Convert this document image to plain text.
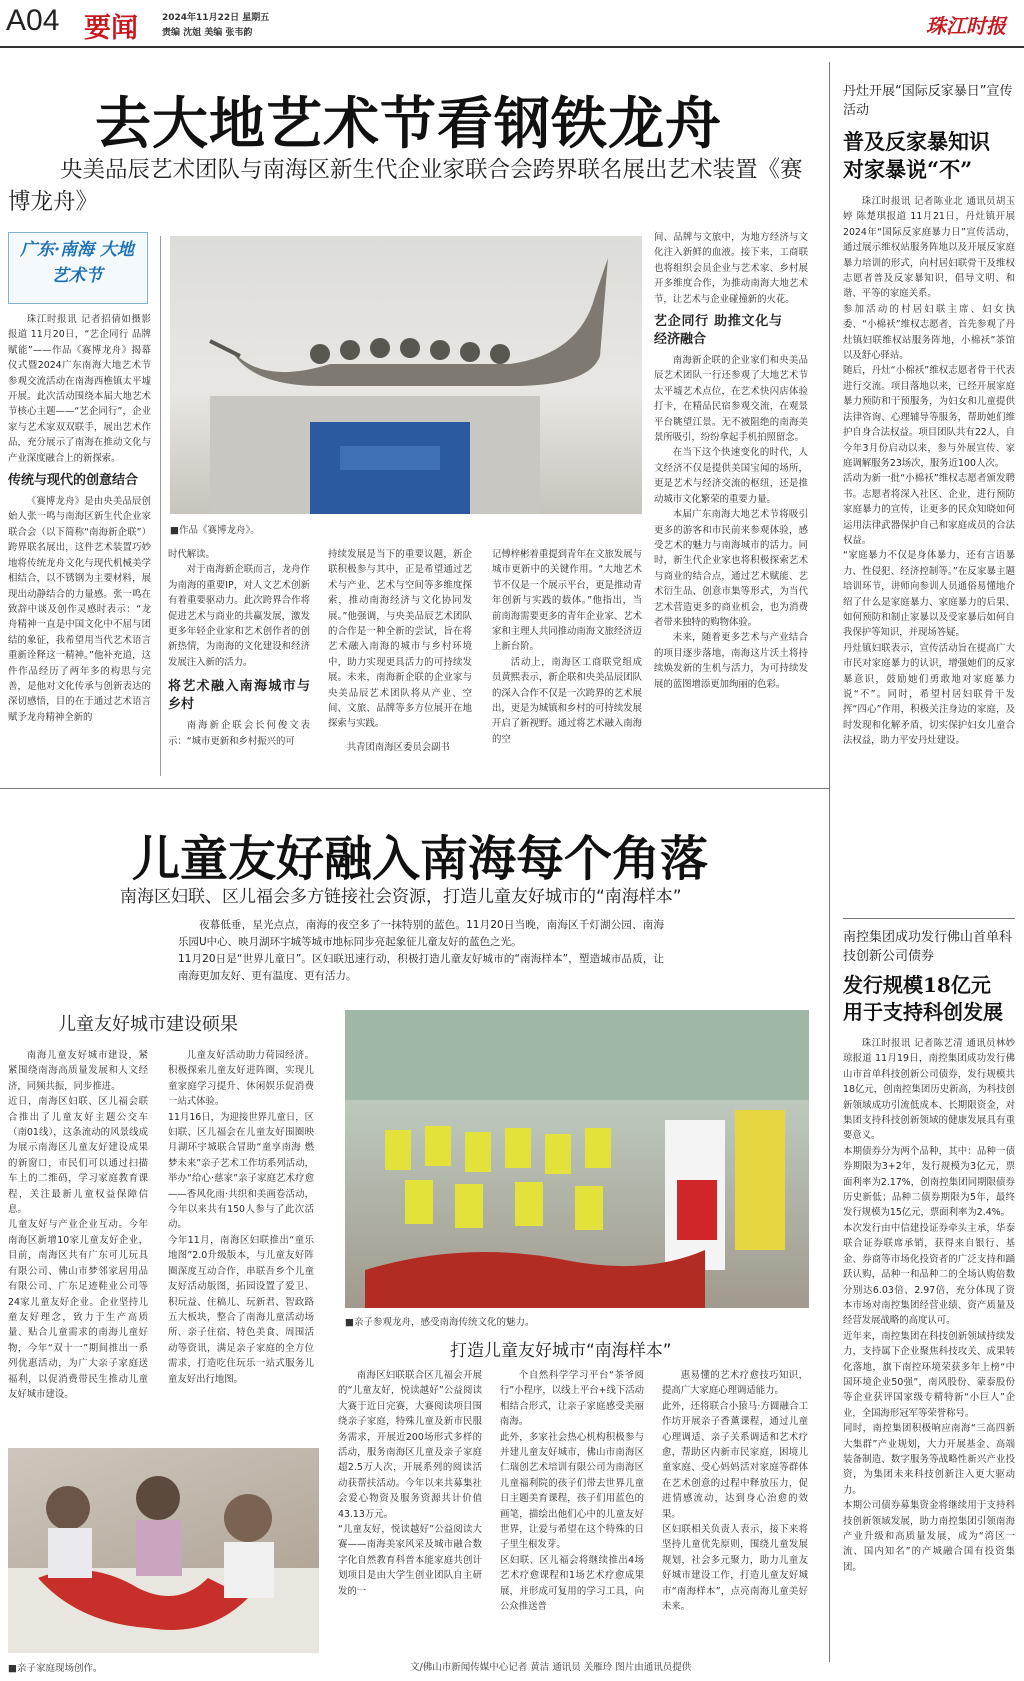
A04 要闻	2024年11月22日 星期五
责编 沈姐 美编 张韦韵	珠江时报
去大地艺术节看钢铁龙舟
央美品辰艺术团队与南海区新生代企业家联合会跨界联名展出艺术装置《赛博龙舟》
广东·南海 大地艺术节

珠江时报讯 记者招倩如摄影报道 11月20日，“艺企同行 品牌赋能”——作品《赛博龙舟》揭幕仪式暨2024广东南海大地艺术节参观交流活动在南海西樵镇太平墟开展。此次活动围绕本届大地艺术节核心主题——“艺企同行”，企业家与艺术家双双联手，展出艺术作品，充分展示了南海在推动文化与产业深度融合上的新探索。

传统与现代的创意结合

《赛博龙舟》是由央美品辰创始人张一鸣与南海区新生代企业家联合会（以下简称“南海新企联”）跨界联名展出，这件艺术装置巧妙地将传统龙舟文化与现代机械美学相结合，以不锈钢为主要材料，展现出动静结合的力量感。张一鸣在致辞中谈及创作灵感时表示：“龙舟精神一直是中国文化中不屈与团结的象征，我希望用当代艺术语言重新诠释这一精神。”他补充道，这件作品经历了两年多的构思与完善，是他对文化传承与创新表达的深切感悟，目的在于通过艺术语言赋予龙舟精神全新的

■作品《赛博龙舟》。
时代解读。

对于南海新企联而言，龙舟作为南海的重要IP，对人文艺术创新有着重要驱动力。此次跨界合作将促进艺术与商业的共赢发展，激发更多年轻企业家和艺术创作者的创新热情，为南海的文化建设和经济发展注入新的活力。

将艺术融入南海城市与乡村

南海新企联会长何俊文表示：“城市更新和乡村振兴的可

持续发展是当下的重要议题，新企联积极参与其中，正是希望通过艺术与产业、艺术与空间等多维度探索，推动南海经济与文化协同发展。”他强调，与央美品辰艺术团队的合作是一种全新的尝试，旨在将艺术融入南海的城市与乡村环境中，助力实现更具活力的可持续发展。未来，南海新企联的企业家与央美品辰艺术团队将从产业、空间、文旅、品牌等多方位展开在地探索与实践。

共青团南海区委员会副书

记傅梓彬着重提到青年在文旅发展与城市更新中的关键作用。“大地艺术节不仅是一个展示平台，更是推动青年创新与实践的载体。”他指出，当前南海需要更多的青年企业家、艺术家和主理人共同推动南海文旅经济迈上新台阶。

活动上，南海区工商联党组成员黄熙表示，新企联和央美品辰团队的深入合作不仅是一次跨界的艺术展出，更是为城镇和乡村的可持续发展开启了新视野。通过将艺术融入南海的空

间、品牌与文旅中，为地方经济与文化注入新鲜的血液。接下来，工商联也将组织会员企业与艺术家、乡村展开多维度合作，为推动南海大地艺术节，让艺术与企业碰撞新的火花。
艺企同行 助推文化与经济融合

南海新企联的企业家们和央美品辰艺术团队一行还参观了大地艺术节太平墟艺术点位，在艺术快闪店体验打卡，在精品民宿参观交流，在观景平台眺望江景。无不被阻绝的南海美景所吸引，纷纷拿起手机拍照留念。

在当下这个快速变化的时代，人文经济不仅是提供美国宝闻的场所，更是艺术与经济交流的枢纽，还是推动城市文化繁荣的重要力量。

本届广东南海大地艺术节将吸引更多的游客和市民前来参观体验，感受艺术的魅力与南海城市的活力。同时，新生代企业家也将积极探索艺术与商业的结合点，通过艺术赋能、艺术衍生品、创意市集等形式，为当代艺术营造更多的商业机会，也为消费者带来独特的购物体验。

未来，随着更多艺术与产业结合的项目逐步落地，南海这片沃土将持续焕发新的生机与活力，为可持续发展的蓝图增添更加绚丽的色彩。

丹灶开展“国际反家暴日”宣传活动
普及反家暴知识 对家暴说“不”
珠江时报讯 记者陈业北 通讯员胡玉婷 陈楚琪报道 11月21日，丹灶镇开展2024年“国际反家庭暴力日”宣传活动，通过展示维权站服务阵地以及开展反家庭暴力培训的形式，向村居妇联骨干及维权志愿者普及反家暴知识，倡导文明、和谐、平等的家庭关系。
参加活动的村居妇联主席、妇女执委、“小棉袄”维权志愿者，首先参观了丹灶镇妇联维权站服务阵地，小棉袄”茶馆以及舒心驿站。
随后，丹灶“小棉袄”维权志愿者骨干代表进行交流。项目落地以来，已经开展家庭暴力预防和干预服务，为妇女和儿童提供法律咨询、心理辅导等服务，帮助她们维护自身合法权益。项目团队共有22人，自今年3月份启动以来，参与外展宣传、家庭调解服务23场次，服务近100人次。
活动为新一批“小棉袄”维权志愿者颁发聘书。志愿者将深入社区、企业，进行预防家庭暴力的宣传，让更多的民众知晓如何运用法律武器保护自己和家庭成员的合法权益。
“家庭暴力不仅是身体暴力，还有言语暴力、性侵犯、经济控制等。”在反家暴主题培训环节，讲师向参训人员通俗易懂地介绍了什么是家庭暴力、家庭暴力的后果、如何预防和制止家暴以及受家暴后如何自我保护等知识，并现场答疑。
丹灶镇妇联表示，宣传活动旨在提高广大市民对家庭暴力的认识，增强她们的反家暴意识，鼓励她们勇敢地对家庭暴力说“不”。同时，希望村居妇联骨干发挥“四心”作用，积极关注身边的家庭，及时发现和化解矛盾，切实保护妇女儿童合法权益，助力平安丹灶建设。
儿童友好融入南海每个角落
南海区妇联、区儿福会多方链接社会资源，打造儿童友好城市的“南海样本”
夜幕低垂，星光点点，南海的夜空多了一抹特别的蓝色。11月20日当晚，南海区千灯湖公园、南海乐园U中心、映月湖环宇城等城市地标同步亮起象征儿童友好的蓝色之光。
11月20日是“世界儿童日”。区妇联迅速行动，积极打造儿童友好城市的“南海样本”，塑造城市品质，让南海更加友好、更有温度、更有活力。
儿童友好城市建设硕果
南海儿童友好城市建设，紧紧围绕南海高质量发展和人文经济，同频共振，同步推进。
近日，南海区妇联、区儿福会联合推出了儿童友好主题公交车（南01线），这条流动的风景线成为展示南海区儿童友好建设成果的新窗口，市民们可以通过扫描车上的二维码，学习家庭教育课程，关注最新儿童权益保障信息。
儿童友好与产业企业互动。今年南海区新增10家儿童友好企业，目前，南海区共有广东可儿玩具有限公司、佛山市梦邻家居用品有限公司、广东足迹鞋业公司等24家儿童友好企业。企业坚持儿童友好理念，致力于生产高质量、贴合儿童需求的南海儿童好物，今年“双十一”期间推出一系列优惠活动，为广大亲子家庭送福利，以促消费带民生推动儿童友好城市建设。
儿童友好活动助力荷园经济。积极探索儿童友好进阵圈，实现儿童家庭学习提升、休闲娱乐促消费一站式体验。
11月16日，为迎接世界儿童日，区妇联、区儿福会在儿童友好围圈映月湖环宇城联合冒助“童享南海 燃梦未来”亲子艺术工作坊系列活动，举办“给心·慈家”亲子家庭艺术疗愈——香风化雨·共织和美画卷活动，今年以来共有150人参与了此次活动。
今年11月，南海区妇联推出“童乐地图”2.0升级版本，与儿童友好阵圈深度互动合作，串联吾乡个儿童友好活动版图，拓园设置了爱卫、积玩益、住稿儿、玩新君、智政路五大板块，整合了南海儿童活动场所、亲子住宿、特色美食、周围活动等资讯，满足亲子家庭的全方位需求，打造吃住玩乐一站式服务儿童友好出行地图。
■亲子参观龙舟，感受南海传统文化的魅力。
打造儿童友好城市“南海样本”
南海区妇联联合区儿福会开展的“儿童友好，悦读越好”公益阅读大赛于近日完赛，大赛阅读项目围绕亲子家庭，特殊儿童及新市民服务需求，开展近200场形式多样的活动，服务南海区儿童及亲子家庭超2.5万人次，开展系列的阅读活动获帮扶活动。今年以来共募集社会爱心物资及服务资源共计价值43.13万元。
“儿童友好，悦读越好”公益阅读大赛——南海美家风采及城市融合数字化自然教育科普本能家庭共创计划项目是由大学生创业团队自主研发的一
个自然科学学习平台“茶爷阅行”小程序，以线上平台+线下活动相结合形式，让亲子家庭感受美丽南海。
此外，多家社会热心机构积极参与并建儿童友好城市，佛山市南海区仁瑞创艺术培训有限公司为南海区儿童福利院的孩子们带去世界儿童日主题美育课程，孩子们用蓝色的画笔，描绘出他们心中的儿童友好世界，让爱与希望在这个特殊的日子里生根发芽。
区妇联、区儿福会将继续推出4场艺术疗愈课程和1场艺术疗愈成果展，并形成可复用的学习工具，向公众推送普
惠易懂的艺术疗愈技巧知识，提高广大家庭心理调适能力。
此外，还将联合小猿马·方圆融合工作坊开展亲子香薰课程，通过儿童心理调适、亲子关系调适和艺术疗愈，帮助区内新市民家庭，困境儿童家庭、受心妈妈活对家庭等群体在艺术创意的过程中释放压力，促进情感流动，达到身心治愈的效果。
区妇联相关负责人表示，接下来将坚持儿童优先原则，围绕儿童发展规划，社会多元聚力，助力儿童友好城市建设工作，打造儿童友好城市“南海样本”，点亮南海儿童美好未来。
■亲子家庭现场创作。	文/佛山市新闻传媒中心记者 黄洁 通讯员 关雁玲 图片由通讯员提供
南控集团成功发行佛山首单科技创新公司债券
发行规模18亿元 用于支持科创发展
珠江时报讯 记者陈艺清 通讯员林妙琼报道 11月19日，南控集团成功发行佛山市首单科技创新公司债券，发行规模共18亿元，创南控集团历史新高，为科技创新领域成功引流低成本、长期限资金，对集团支持科技创新领域的健康发展具有重要意义。
本期债券分为两个品种，其中：品种一债券期限为3+2年，发行规模为3亿元，票面利率为2.17%，创南控集团同期限债券历史新低；品种二债券期限为5年，最终发行规模为15亿元，票面利率为2.4%。
本次发行由中信建投证券牵头主承，华泰联合证券联席承销，获得来自银行、基金、券商等市场化投资者的广泛支持和踊跃认购，品种一和品种二的全场认购倍数分别达6.03倍、2.97倍，充分体现了资本市场对南控集团经营业绩、资产质量及经营发展战略的高度认可。
近年来，南控集团在科技创新领域持续发力，支持属下企业聚焦科技攻关、成果转化落地，旗下南控环境荣获多年上榜“中国环境企业50强”，南风股份、蒙泰股份等企业获评国家级专精特新“小巨人”企业，全国海形冠军等荣誉称号。
同时，南控集团积极响应南海“三高四新大集群”产业规划，大力开展基金、高端装备制造、数字服务等战略性新兴产业投资，为集团未来科技创新注入更大驱动力。
本期公司债券募集资金将继续用于支持科技创新领域发展，助力南控集团引领南海产业升级和高质量发展，成为“湾区一流、国内知名”的产城融合国有投资集团。
